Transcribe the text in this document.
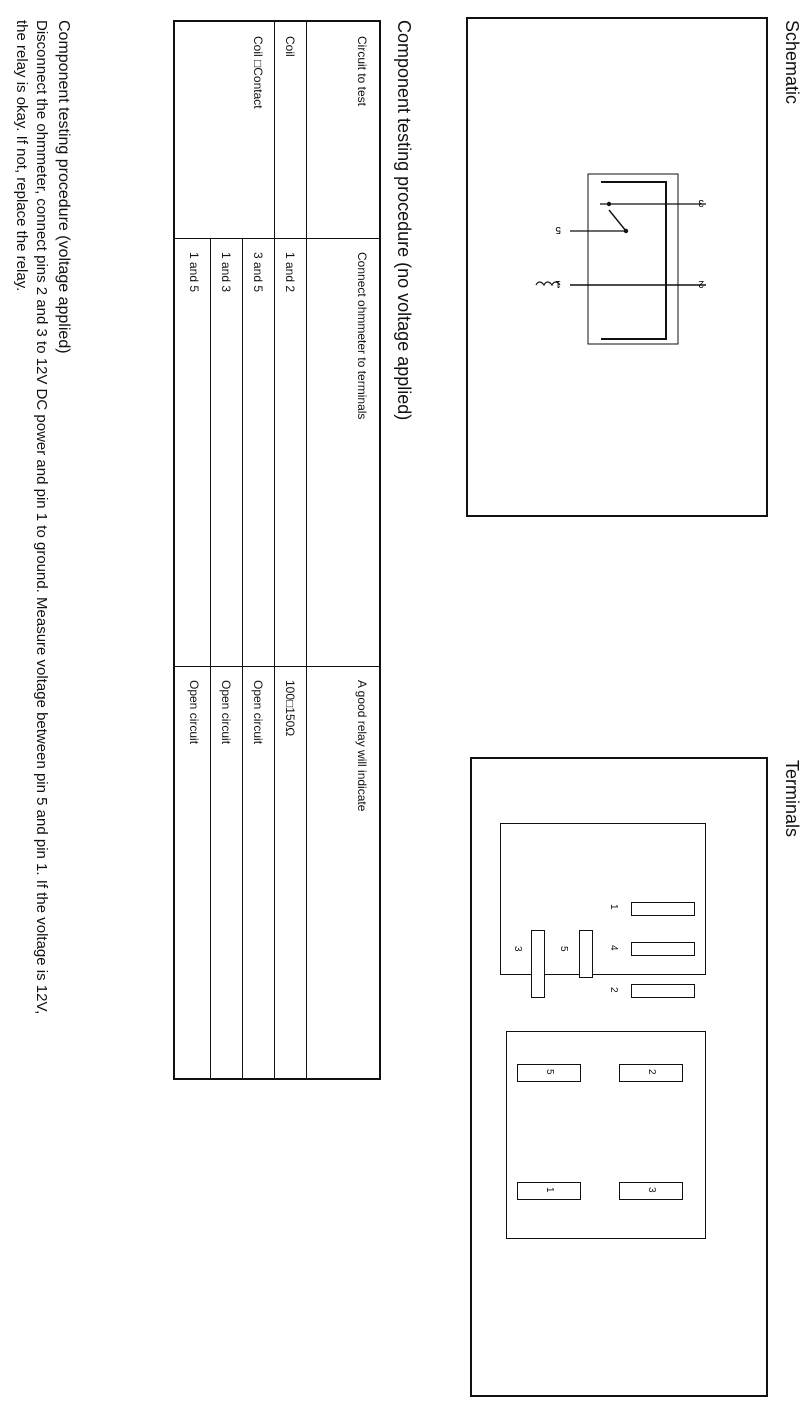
Schematic
3
2
5
1
Terminals
1
4
2
5
3
2
5
3
1
Component testing procedure (no voltage applied)
Circuit to test
Connect ohmmeter to terminals
A good relay will indicate
Coil
1 and 2
100□150Ω
Coil □Contact
3 and 5
Open circuit
1 and 3
Open circuit
1 and 5
Open circuit
Component testing procedure (voltage applied)
Disconnect the ohmmeter, connect pins 2 and 3 to 12V DC power and pin 1 to ground. Measure voltage between pin 5 and pin 1. If the voltage is 12V,
the relay is okay. If not, replace the relay.
